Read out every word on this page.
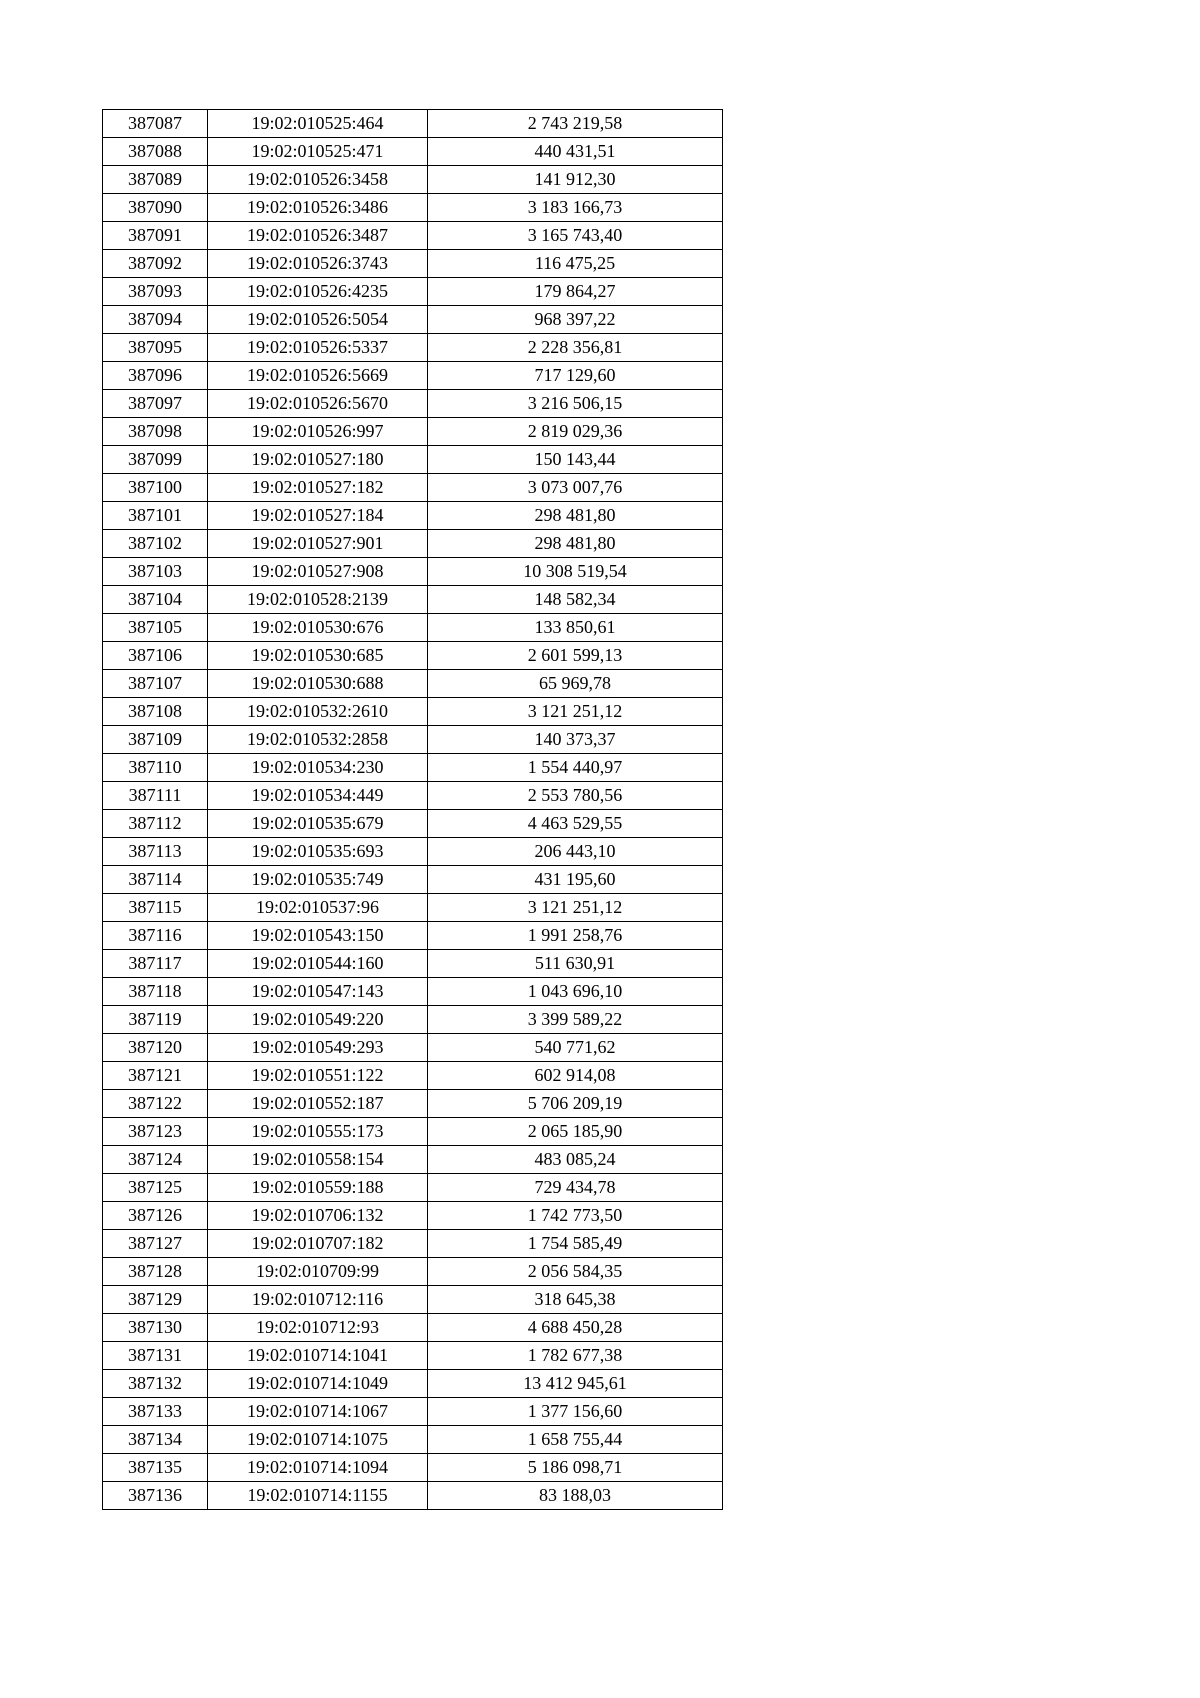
387087	19:02:010525:464	2 743 219,58
387088	19:02:010525:471	440 431,51
387089	19:02:010526:3458	141 912,30
387090	19:02:010526:3486	3 183 166,73
387091	19:02:010526:3487	3 165 743,40
387092	19:02:010526:3743	116 475,25
387093	19:02:010526:4235	179 864,27
387094	19:02:010526:5054	968 397,22
387095	19:02:010526:5337	2 228 356,81
387096	19:02:010526:5669	717 129,60
387097	19:02:010526:5670	3 216 506,15
387098	19:02:010526:997	2 819 029,36
387099	19:02:010527:180	150 143,44
387100	19:02:010527:182	3 073 007,76
387101	19:02:010527:184	298 481,80
387102	19:02:010527:901	298 481,80
387103	19:02:010527:908	10 308 519,54
387104	19:02:010528:2139	148 582,34
387105	19:02:010530:676	133 850,61
387106	19:02:010530:685	2 601 599,13
387107	19:02:010530:688	65 969,78
387108	19:02:010532:2610	3 121 251,12
387109	19:02:010532:2858	140 373,37
387110	19:02:010534:230	1 554 440,97
387111	19:02:010534:449	2 553 780,56
387112	19:02:010535:679	4 463 529,55
387113	19:02:010535:693	206 443,10
387114	19:02:010535:749	431 195,60
387115	19:02:010537:96	3 121 251,12
387116	19:02:010543:150	1 991 258,76
387117	19:02:010544:160	511 630,91
387118	19:02:010547:143	1 043 696,10
387119	19:02:010549:220	3 399 589,22
387120	19:02:010549:293	540 771,62
387121	19:02:010551:122	602 914,08
387122	19:02:010552:187	5 706 209,19
387123	19:02:010555:173	2 065 185,90
387124	19:02:010558:154	483 085,24
387125	19:02:010559:188	729 434,78
387126	19:02:010706:132	1 742 773,50
387127	19:02:010707:182	1 754 585,49
387128	19:02:010709:99	2 056 584,35
387129	19:02:010712:116	318 645,38
387130	19:02:010712:93	4 688 450,28
387131	19:02:010714:1041	1 782 677,38
387132	19:02:010714:1049	13 412 945,61
387133	19:02:010714:1067	1 377 156,60
387134	19:02:010714:1075	1 658 755,44
387135	19:02:010714:1094	5 186 098,71
387136	19:02:010714:1155	83 188,03
